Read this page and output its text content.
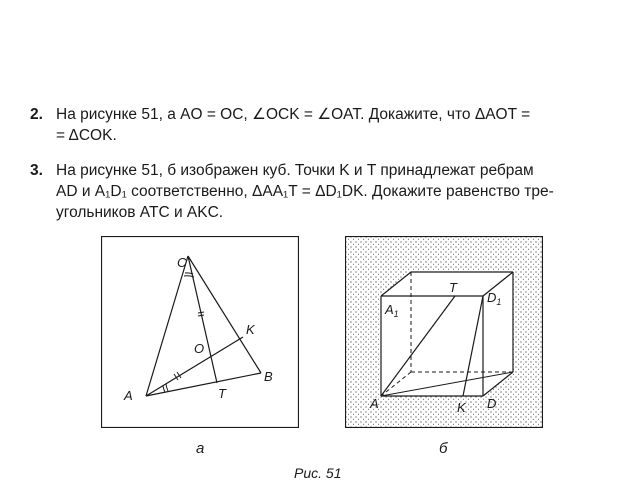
2. На рисунке 51, а AO = OC, ∠OCK = ∠OAT. Докажите, что ΔAOT =
= ΔCOK.
3. На рисунке 51, б изображен куб. Точки K и T принадлежат ребрам
AD и A₁D₁ соответственно, ΔAA₁T = ΔD₁DK. Докажите равенство тре-
угольников ATC и AKC.
C
K
O
A	T
B
$A_1$
T
$D_1$
A	K D
а	б
Рис. 51
